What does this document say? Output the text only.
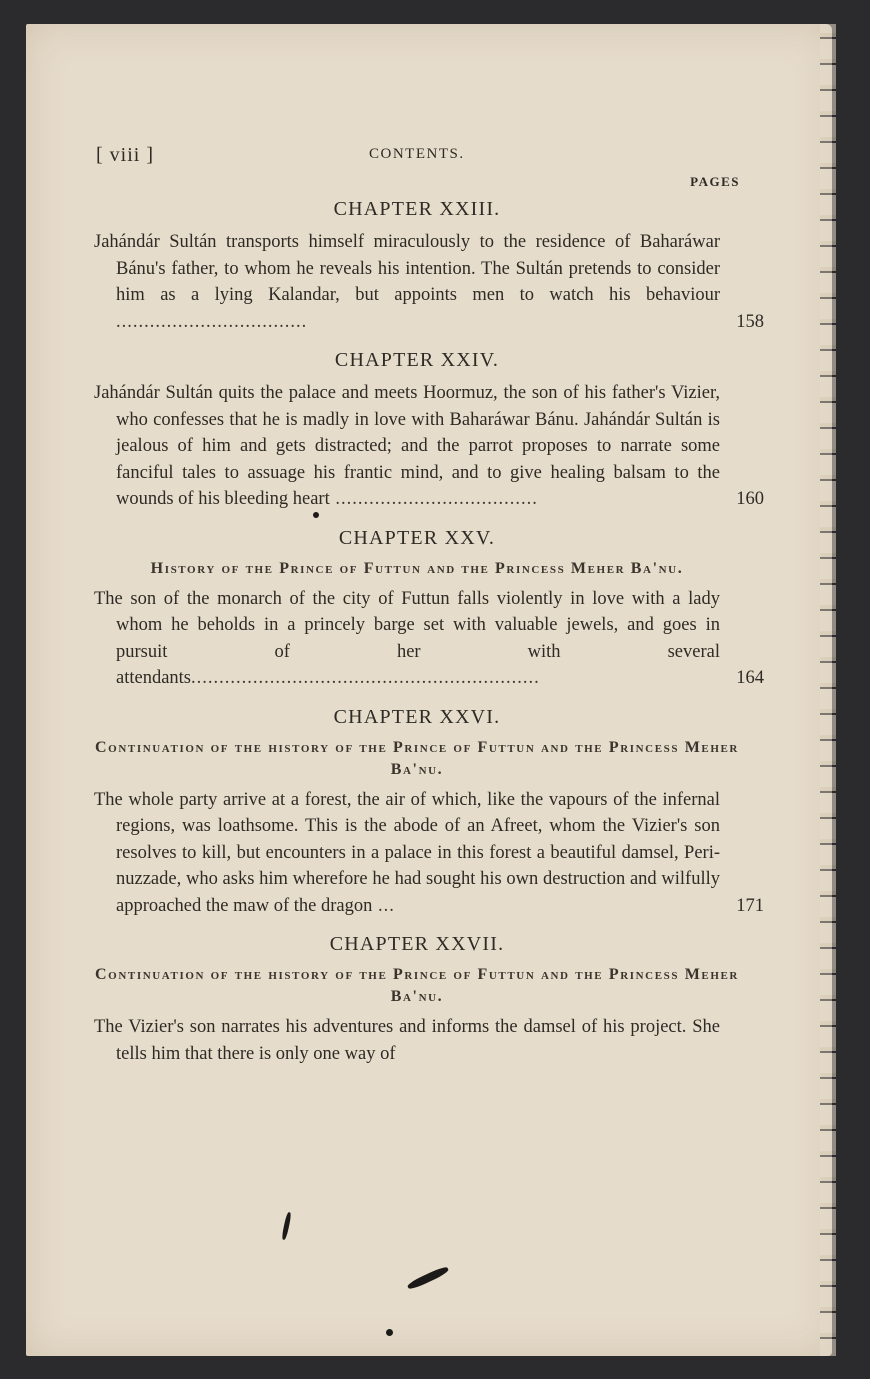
[ viii ]	CONTENTS.
PAGES
CHAPTER XXIII.

Jahándár Sultán transports himself miraculously to the residence of Baharáwar Bánu's father, to whom he reveals his intention. The Sultán pretends to consider him as a lying Kalandar, but appoints men to watch his behaviour ..................................	158

CHAPTER XXIV.

Jahándár Sultán quits the palace and meets Hoormuz, the son of his father's Vizier, who confesses that he is madly in love with Baharáwar Bánu. Jahándár Sultán is jealous of him and gets distracted; and the parrot proposes to narrate some fanciful tales to assuage his frantic mind, and to give healing balsam to the wounds of his bleeding heart ....................................	160

CHAPTER XXV.
History of the Prince of Futtun and the Princess Meher Ba'nu.

The son of the monarch of the city of Futtun falls violently in love with a lady whom he beholds in a princely barge set with valuable jewels, and goes in pursuit of her with several attendants..............................................................	164

CHAPTER XXVI.
Continuation of the history of the Prince of Futtun and the Princess Meher Ba'nu.

The whole party arrive at a forest, the air of which, like the vapours of the infernal regions, was loathsome. This is the abode of an Afreet, whom the Vizier's son resolves to kill, but encounters in a palace in this forest a beautiful damsel, Peri-nuzzade, who asks him wherefore he had sought his own destruction and wilfully approached the maw of the dragon ...	171

CHAPTER XXVII.
Continuation of the history of the Prince of Futtun and the Princess Meher Ba'nu.

The Vizier's son narrates his adventures and informs the damsel of his project. She tells him that there is only one way of
